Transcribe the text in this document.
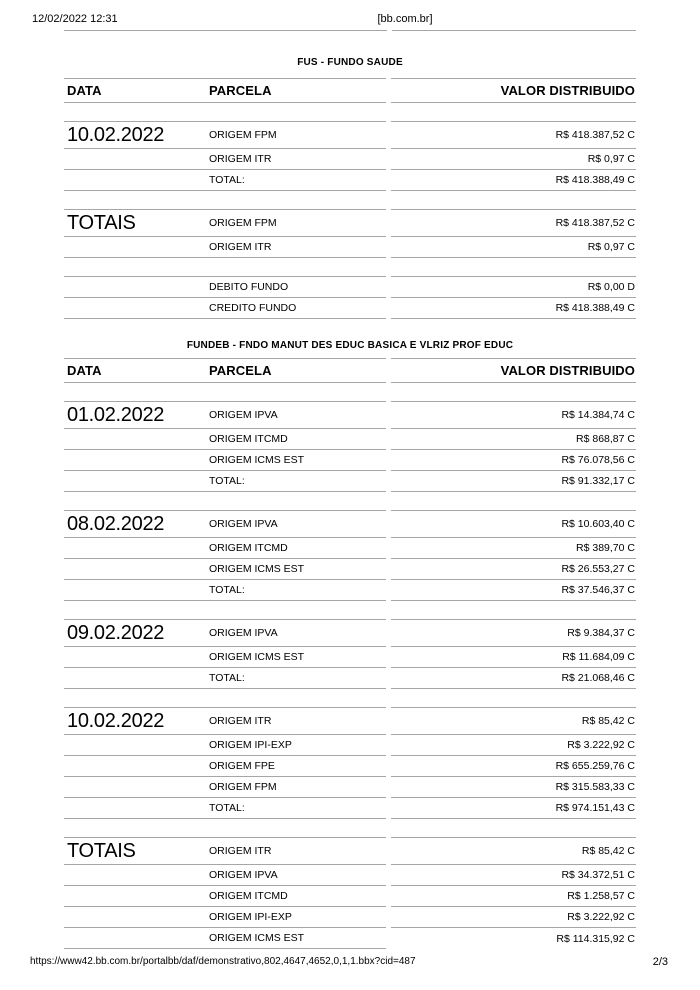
12/02/2022 12:31	[bb.com.br]
FUS - FUNDO SAUDE
DATA	PARCELA	VALOR DISTRIBUIDO
10.02.2022	ORIGEM FPM	R$ 418.387,52 C
ORIGEM ITR	R$ 0,97 C
TOTAL:	R$ 418.388,49 C
TOTAIS	ORIGEM FPM	R$ 418.387,52 C
ORIGEM ITR	R$ 0,97 C
DEBITO FUNDO	R$ 0,00 D
CREDITO FUNDO	R$ 418.388,49 C
FUNDEB - FNDO MANUT DES EDUC BASICA E VLRIZ PROF EDUC
DATA	PARCELA	VALOR DISTRIBUIDO
01.02.2022	ORIGEM IPVA	R$ 14.384,74 C
ORIGEM ITCMD	R$ 868,87 C
ORIGEM ICMS EST	R$ 76.078,56 C
TOTAL:	R$ 91.332,17 C
08.02.2022	ORIGEM IPVA	R$ 10.603,40 C
ORIGEM ITCMD	R$ 389,70 C
ORIGEM ICMS EST	R$ 26.553,27 C
TOTAL:	R$ 37.546,37 C
09.02.2022	ORIGEM IPVA	R$ 9.384,37 C
ORIGEM ICMS EST	R$ 11.684,09 C
TOTAL:	R$ 21.068,46 C
10.02.2022	ORIGEM ITR	R$ 85,42 C
ORIGEM IPI-EXP	R$ 3.222,92 C
ORIGEM FPE	R$ 655.259,76 C
ORIGEM FPM	R$ 315.583,33 C
TOTAL:	R$ 974.151,43 C
TOTAIS	ORIGEM ITR	R$ 85,42 C
ORIGEM IPVA	R$ 34.372,51 C
ORIGEM ITCMD	R$ 1.258,57 C
ORIGEM IPI-EXP	R$ 3.222,92 C
ORIGEM ICMS EST	R$ 114.315,92 C
https://www42.bb.com.br/portalbb/daf/demonstrativo,802,4647,4652,0,1,1.bbx?cid=487	2/3
